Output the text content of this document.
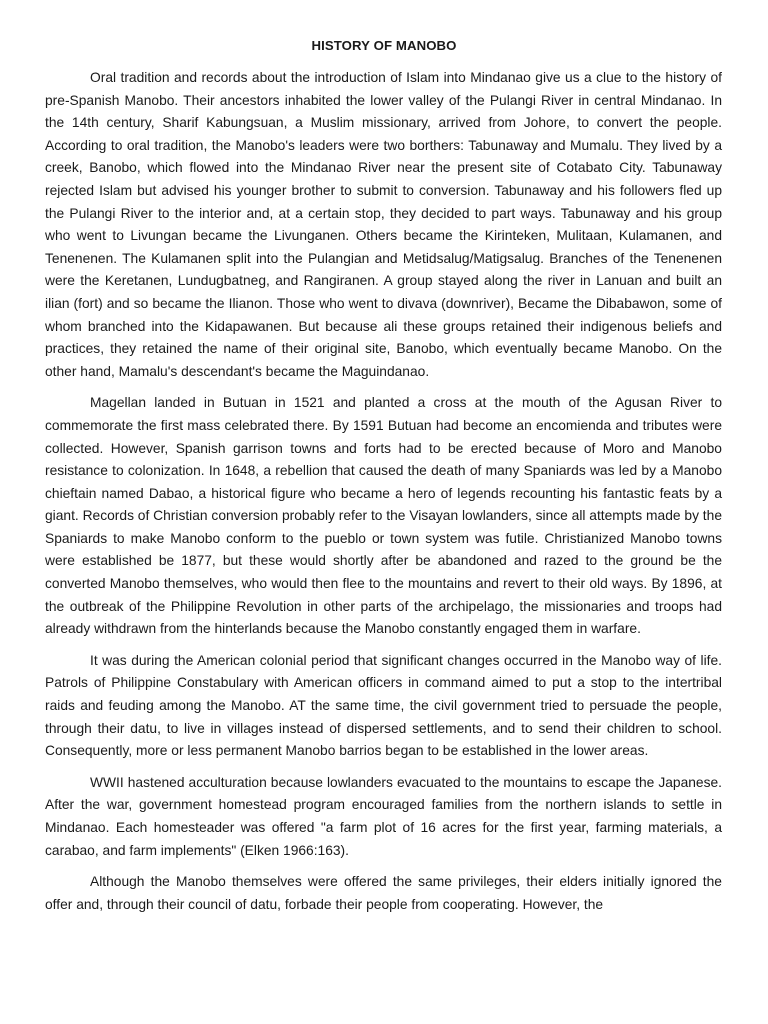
HISTORY OF MANOBO

Oral tradition and records about the introduction of Islam into Mindanao give us a clue to the history of pre-Spanish Manobo. Their ancestors inhabited the lower valley of the Pulangi River in central Mindanao. In the 14th century, Sharif Kabungsuan, a Muslim missionary, arrived from Johore, to convert the people. According to oral tradition, the Manobo's leaders were two borthers: Tabunaway and Mumalu. They lived by a creek, Banobo, which flowed into the Mindanao River near the present site of Cotabato City. Tabunaway rejected Islam but advised his younger brother to submit to conversion. Tabunaway and his followers fled up the Pulangi River to the interior and, at a certain stop, they decided to part ways. Tabunaway and his group who went to Livungan became the Livunganen. Others became the Kirinteken, Mulitaan, Kulamanen, and Tenenenen. The Kulamanen split into the Pulangian and Metidsalug/Matigsalug. Branches of the Tenenenen were the Keretanen, Lundugbatneg, and Rangiranen. A group stayed along the river in Lanuan and built an ilian (fort) and so became the Ilianon. Those who went to divava (downriver), Became the Dibabawon, some of whom branched into the Kidapawanen. But because ali these groups retained their indigenous beliefs and practices, they retained the name of their original site, Banobo, which eventually became Manobo. On the other hand, Mamalu's descendant's became the Maguindanao.

Magellan landed in Butuan in 1521 and planted a cross at the mouth of the Agusan River to commemorate the first mass celebrated there. By 1591 Butuan had become an encomienda and tributes were collected. However, Spanish garrison towns and forts had to be erected because of Moro and Manobo resistance to colonization. In 1648, a rebellion that caused the death of many Spaniards was led by a Manobo chieftain named Dabao, a historical figure who became a hero of legends recounting his fantastic feats by a giant. Records of Christian conversion probably refer to the Visayan lowlanders, since all attempts made by the Spaniards to make Manobo conform to the pueblo or town system was futile. Christianized Manobo towns were established be 1877, but these would shortly after be abandoned and razed to the ground be the converted Manobo themselves, who would then flee to the mountains and revert to their old ways. By 1896, at the outbreak of the Philippine Revolution in other parts of the archipelago, the missionaries and troops had already withdrawn from the hinterlands because the Manobo constantly engaged them in warfare.

It was during the American colonial period that significant changes occurred in the Manobo way of life. Patrols of Philippine Constabulary with American officers in command aimed to put a stop to the intertribal raids and feuding among the Manobo. AT the same time, the civil government tried to persuade the people, through their datu, to live in villages instead of dispersed settlements, and to send their children to school. Consequently, more or less permanent Manobo barrios began to be established in the lower areas.

WWII hastened acculturation because lowlanders evacuated to the mountains to escape the Japanese. After the war, government homestead program encouraged families from the northern islands to settle in Mindanao. Each homesteader was offered "a farm plot of 16 acres for the first year, farming materials, a carabao, and farm implements" (Elken 1966:163).

Although the Manobo themselves were offered the same privileges, their elders initially ignored the offer and, through their council of datu, forbade their people from cooperating. However, the
